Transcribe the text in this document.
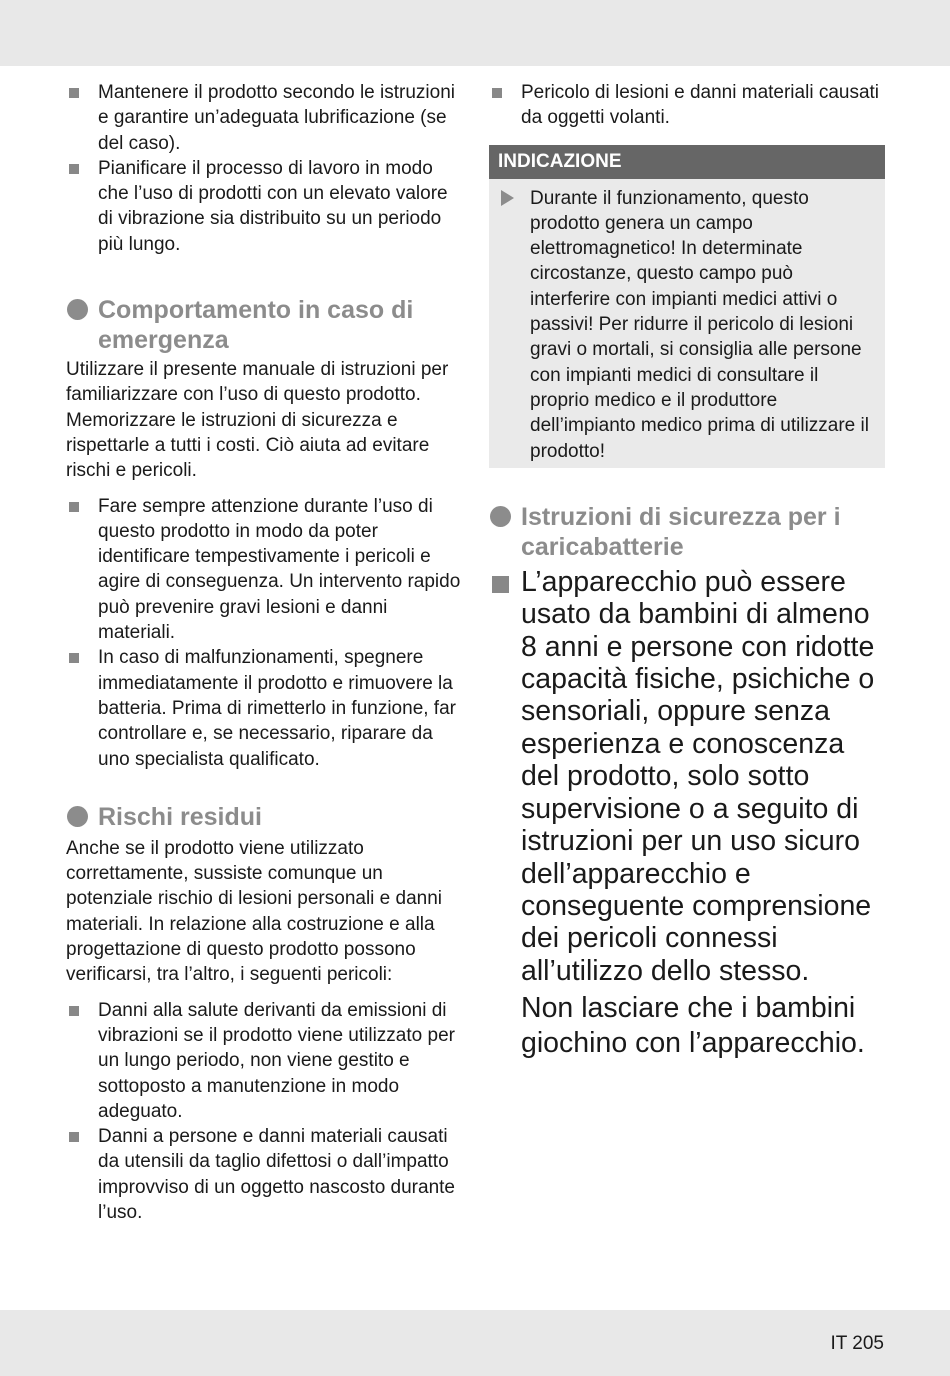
Mantenere il prodotto secondo le istruzioni e garantire un’adeguata lubrificazione (se del caso).
Pianificare il processo di lavoro in modo che l’uso di prodotti con un elevato valore di vibrazione sia distribuito su un periodo più lungo.
Comportamento in caso di emergenza

Utilizzare il presente manuale di istruzioni per familiarizzare con l’uso di questo prodotto. Memorizzare le istruzioni di sicurezza e rispettarle a tutti i costi. Ciò aiuta ad evitare rischi e pericoli.

Fare sempre attenzione durante l’uso di questo prodotto in modo da poter identificare tempestivamente i pericoli e agire di conseguenza. Un intervento rapido può prevenire gravi lesioni e danni materiali.
In caso di malfunzionamenti, spegnere immediatamente il prodotto e rimuovere la batteria. Prima di rimetterlo in funzione, far controllare e, se necessario, riparare da uno specialista qualificato.
Rischi residui

Anche se il prodotto viene utilizzato correttamente, sussiste comunque un potenziale rischio di lesioni personali e danni materiali. In relazione alla costruzione e alla progettazione di questo prodotto possono verificarsi, tra l’altro, i seguenti pericoli:

Danni alla salute derivanti da emissioni di vibrazioni se il prodotto viene utilizzato per un lungo periodo, non viene gestito e sottoposto a manutenzione in modo adeguato.
Danni a persone e danni materiali causati da utensili da taglio difettosi o dall’impatto improvviso di un oggetto nascosto durante l’uso.
Pericolo di lesioni e danni materiali causati da oggetti volanti.
INDICAZIONE
Durante il funzionamento, questo prodotto genera un campo elettromagnetico! In determinate circostanze, questo campo può interferire con impianti medici attivi o passivi! Per ridurre il pericolo di lesioni gravi o mortali, si consiglia alle persone con impianti medici di consultare il proprio medico e il produttore dell’impianto medico prima di utilizzare il prodotto!
Istruzioni di sicurezza per i caricabatterie
L’apparecchio può essere usato da bambini di almeno 8 anni e persone con ridotte capacità fisiche, psichiche o sensoriali, oppure senza esperienza e conoscenza del prodotto, solo sotto supervisione o a seguito di istruzioni per un uso sicuro dell’apparecchio e conseguente comprensione dei pericoli connessi all’utilizzo dello stesso.
Non lasciare che i bambini giochino con l’apparecchio.
IT 205
